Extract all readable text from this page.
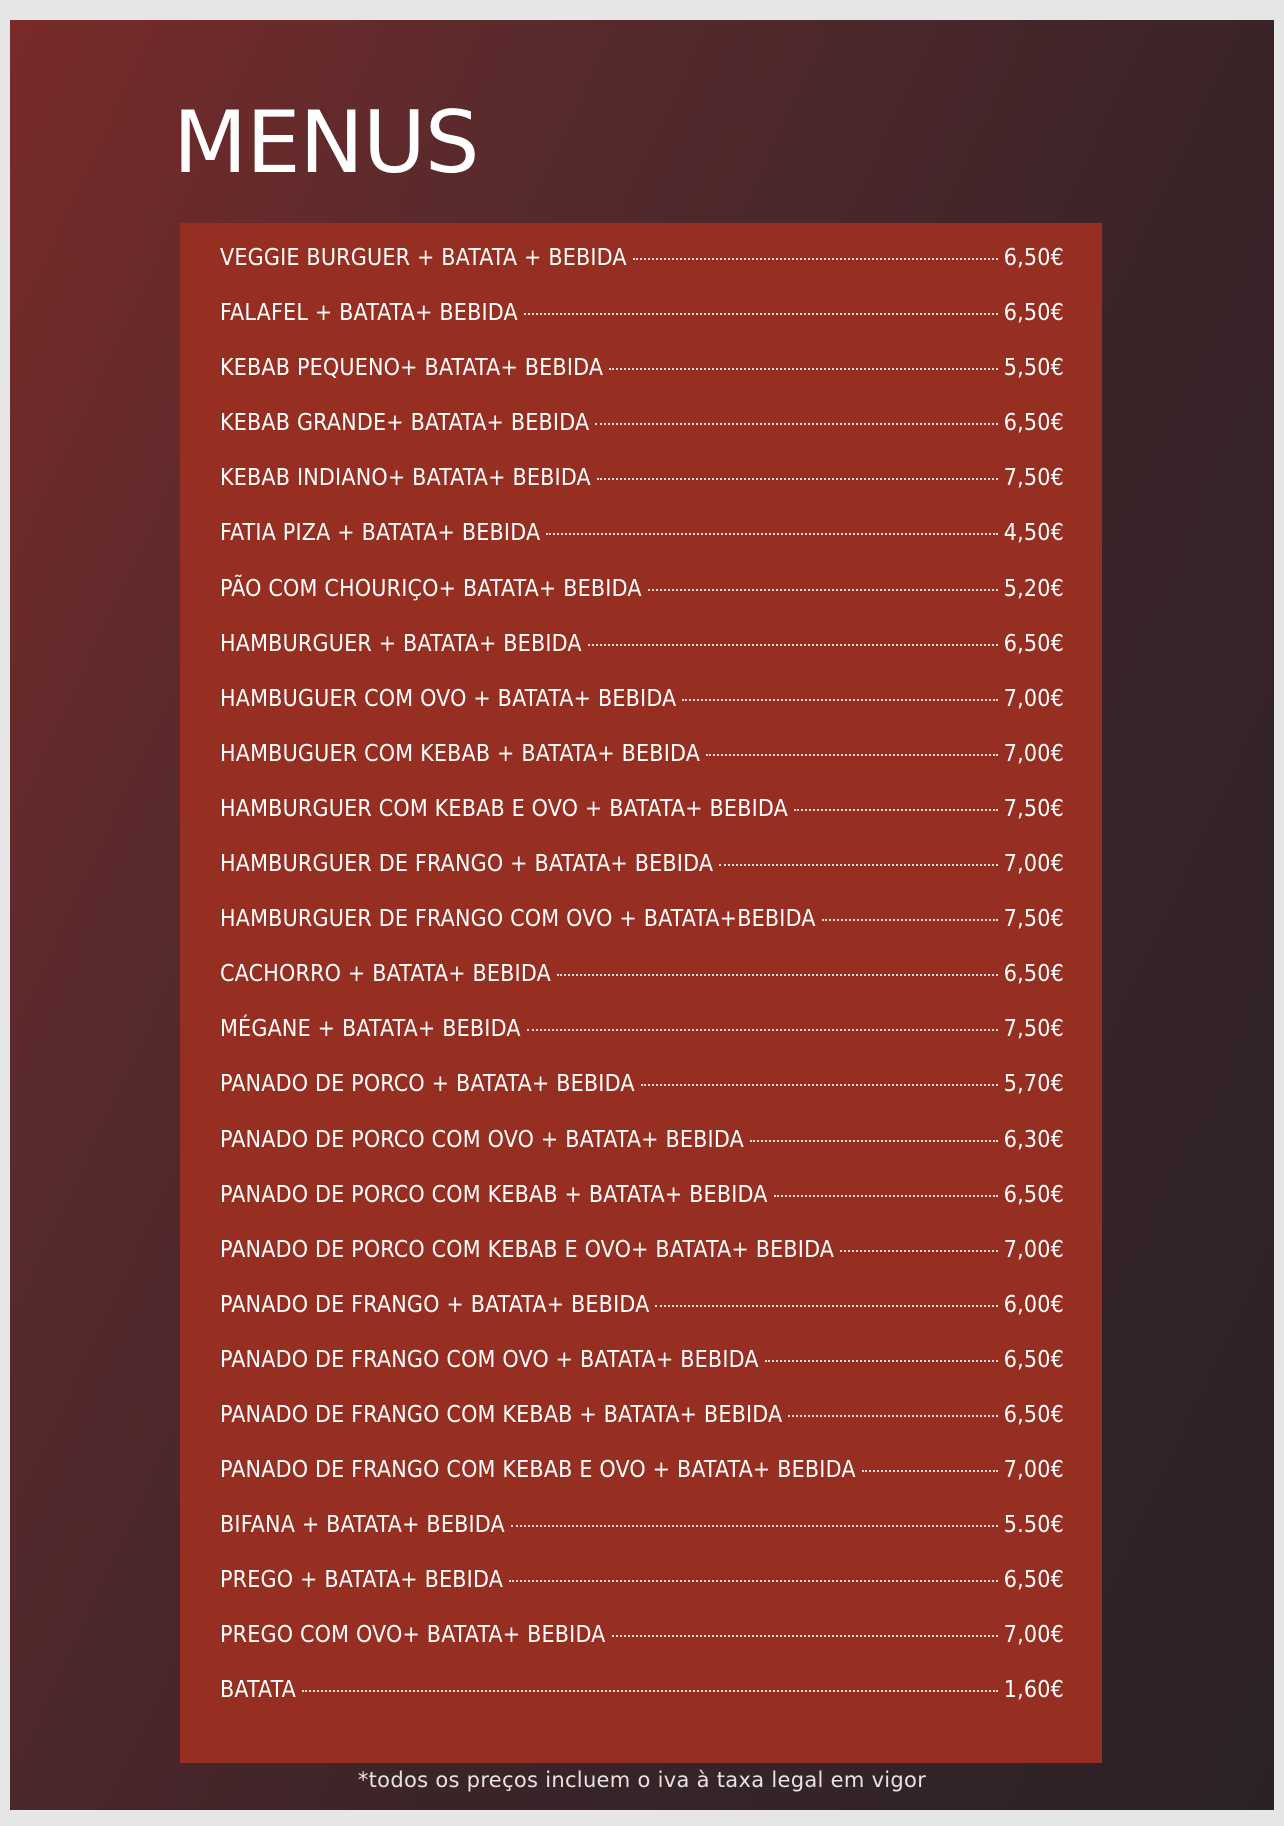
MENUS
VEGGIE BURGUER + BATATA + BEBIDA	6,50€
FALAFEL + BATATA+ BEBIDA	6,50€
KEBAB PEQUENO+ BATATA+ BEBIDA	5,50€
KEBAB GRANDE+ BATATA+ BEBIDA	6,50€
KEBAB INDIANO+ BATATA+ BEBIDA	7,50€
FATIA PIZA + BATATA+ BEBIDA	4,50€
PÃO COM CHOURIÇO+ BATATA+ BEBIDA	5,20€
HAMBURGUER + BATATA+ BEBIDA	6,50€
HAMBUGUER COM OVO + BATATA+ BEBIDA	7,00€
HAMBUGUER COM KEBAB + BATATA+ BEBIDA	7,00€
HAMBURGUER COM KEBAB E OVO + BATATA+ BEBIDA	7,50€
HAMBURGUER DE FRANGO + BATATA+ BEBIDA	7,00€
HAMBURGUER DE FRANGO COM OVO + BATATA+BEBIDA	7,50€
CACHORRO + BATATA+ BEBIDA	6,50€
MÉGANE + BATATA+ BEBIDA	7,50€
PANADO DE PORCO + BATATA+ BEBIDA	5,70€
PANADO DE PORCO COM OVO + BATATA+ BEBIDA	6,30€
PANADO DE PORCO COM KEBAB + BATATA+ BEBIDA	6,50€
PANADO DE PORCO COM KEBAB E OVO+ BATATA+ BEBIDA	7,00€
PANADO DE FRANGO + BATATA+ BEBIDA	6,00€
PANADO DE FRANGO COM OVO + BATATA+ BEBIDA	6,50€
PANADO DE FRANGO COM KEBAB + BATATA+ BEBIDA	6,50€
PANADO DE FRANGO COM KEBAB E OVO + BATATA+ BEBIDA	7,00€
BIFANA + BATATA+ BEBIDA	5.50€
PREGO + BATATA+ BEBIDA	6,50€
PREGO COM OVO+ BATATA+ BEBIDA	7,00€
BATATA	1,60€
*todos os preços incluem o iva à taxa legal em vigor
